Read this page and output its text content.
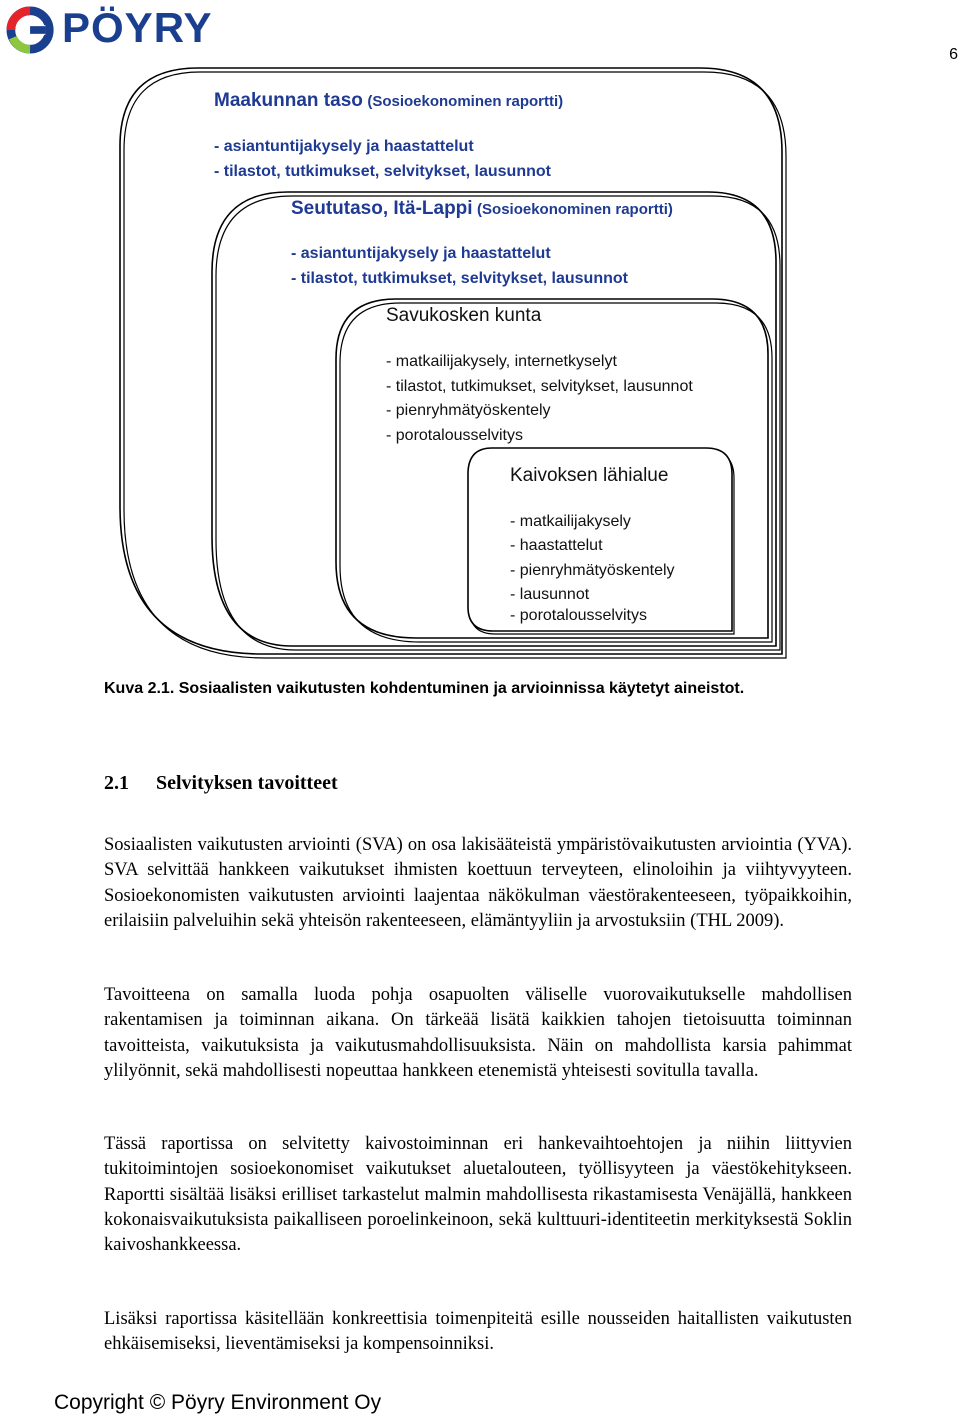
PÖYRY
6
Maakunnan taso (Sosioekonominen raportti)
- asiantuntijakysely ja haastattelut
- tilastot, tutkimukset, selvitykset, lausunnot
Seututaso, Itä-Lappi (Sosioekonominen raportti)
- asiantuntijakysely ja haastattelut
- tilastot, tutkimukset, selvitykset, lausunnot
Savukosken kunta
- matkailijakysely, internetkyselyt
- tilastot, tutkimukset, selvitykset, lausunnot
- pienryhmätyöskentely
- porotalousselvitys
Kaivoksen lähialue
- matkailijakysely
- haastattelut
- pienryhmätyöskentely
- lausunnot
- porotalousselvitys
Kuva 2.1. Sosiaalisten vaikutusten kohdentuminen ja arvioinnissa käytetyt aineistot.
2.1 Selvityksen tavoitteet

Sosiaalisten vaikutusten arviointi (SVA) on osa lakisääteistä ympäristövaikutusten arviointia (YVA). SVA selvittää hankkeen vaikutukset ihmisten koettuun terveyteen, elinoloihin ja viihtyvyyteen. Sosioekonomisten vaikutusten arviointi laajentaa näkökulman väestörakenteeseen, työpaikkoihin, erilaisiin palveluihin sekä yhteisön rakenteeseen, elämäntyyliin ja arvostuksiin (THL 2009).

Tavoitteena on samalla luoda pohja osapuolten väliselle vuorovaikutukselle mahdollisen rakentamisen ja toiminnan aikana. On tärkeää lisätä kaikkien tahojen tietoisuutta toiminnan tavoitteista, vaikutuksista ja vaikutusmahdollisuuksista. Näin on mahdollista karsia pahimmat ylilyönnit, sekä mahdollisesti nopeuttaa hankkeen etenemistä yhteisesti sovitulla tavalla.

Tässä raportissa on selvitetty kaivostoiminnan eri hankevaihtoehtojen ja niihin liittyvien tukitoimintojen sosioekonomiset vaikutukset aluetalouteen, työllisyyteen ja väestökehitykseen. Raportti sisältää lisäksi erilliset tarkastelut malmin mahdollisesta rikastamisesta Venäjällä, hankkeen kokonaisvaikutuksista paikalliseen poroelinkeinoon, sekä kulttuuri-identiteetin merkityksestä Soklin kaivoshankkeessa.

Lisäksi raportissa käsitellään konkreettisia toimenpiteitä esille nousseiden haitallisten vaikutusten ehkäisemiseksi, lieventämiseksi ja kompensoinniksi.

Copyright © Pöyry Environment Oy
